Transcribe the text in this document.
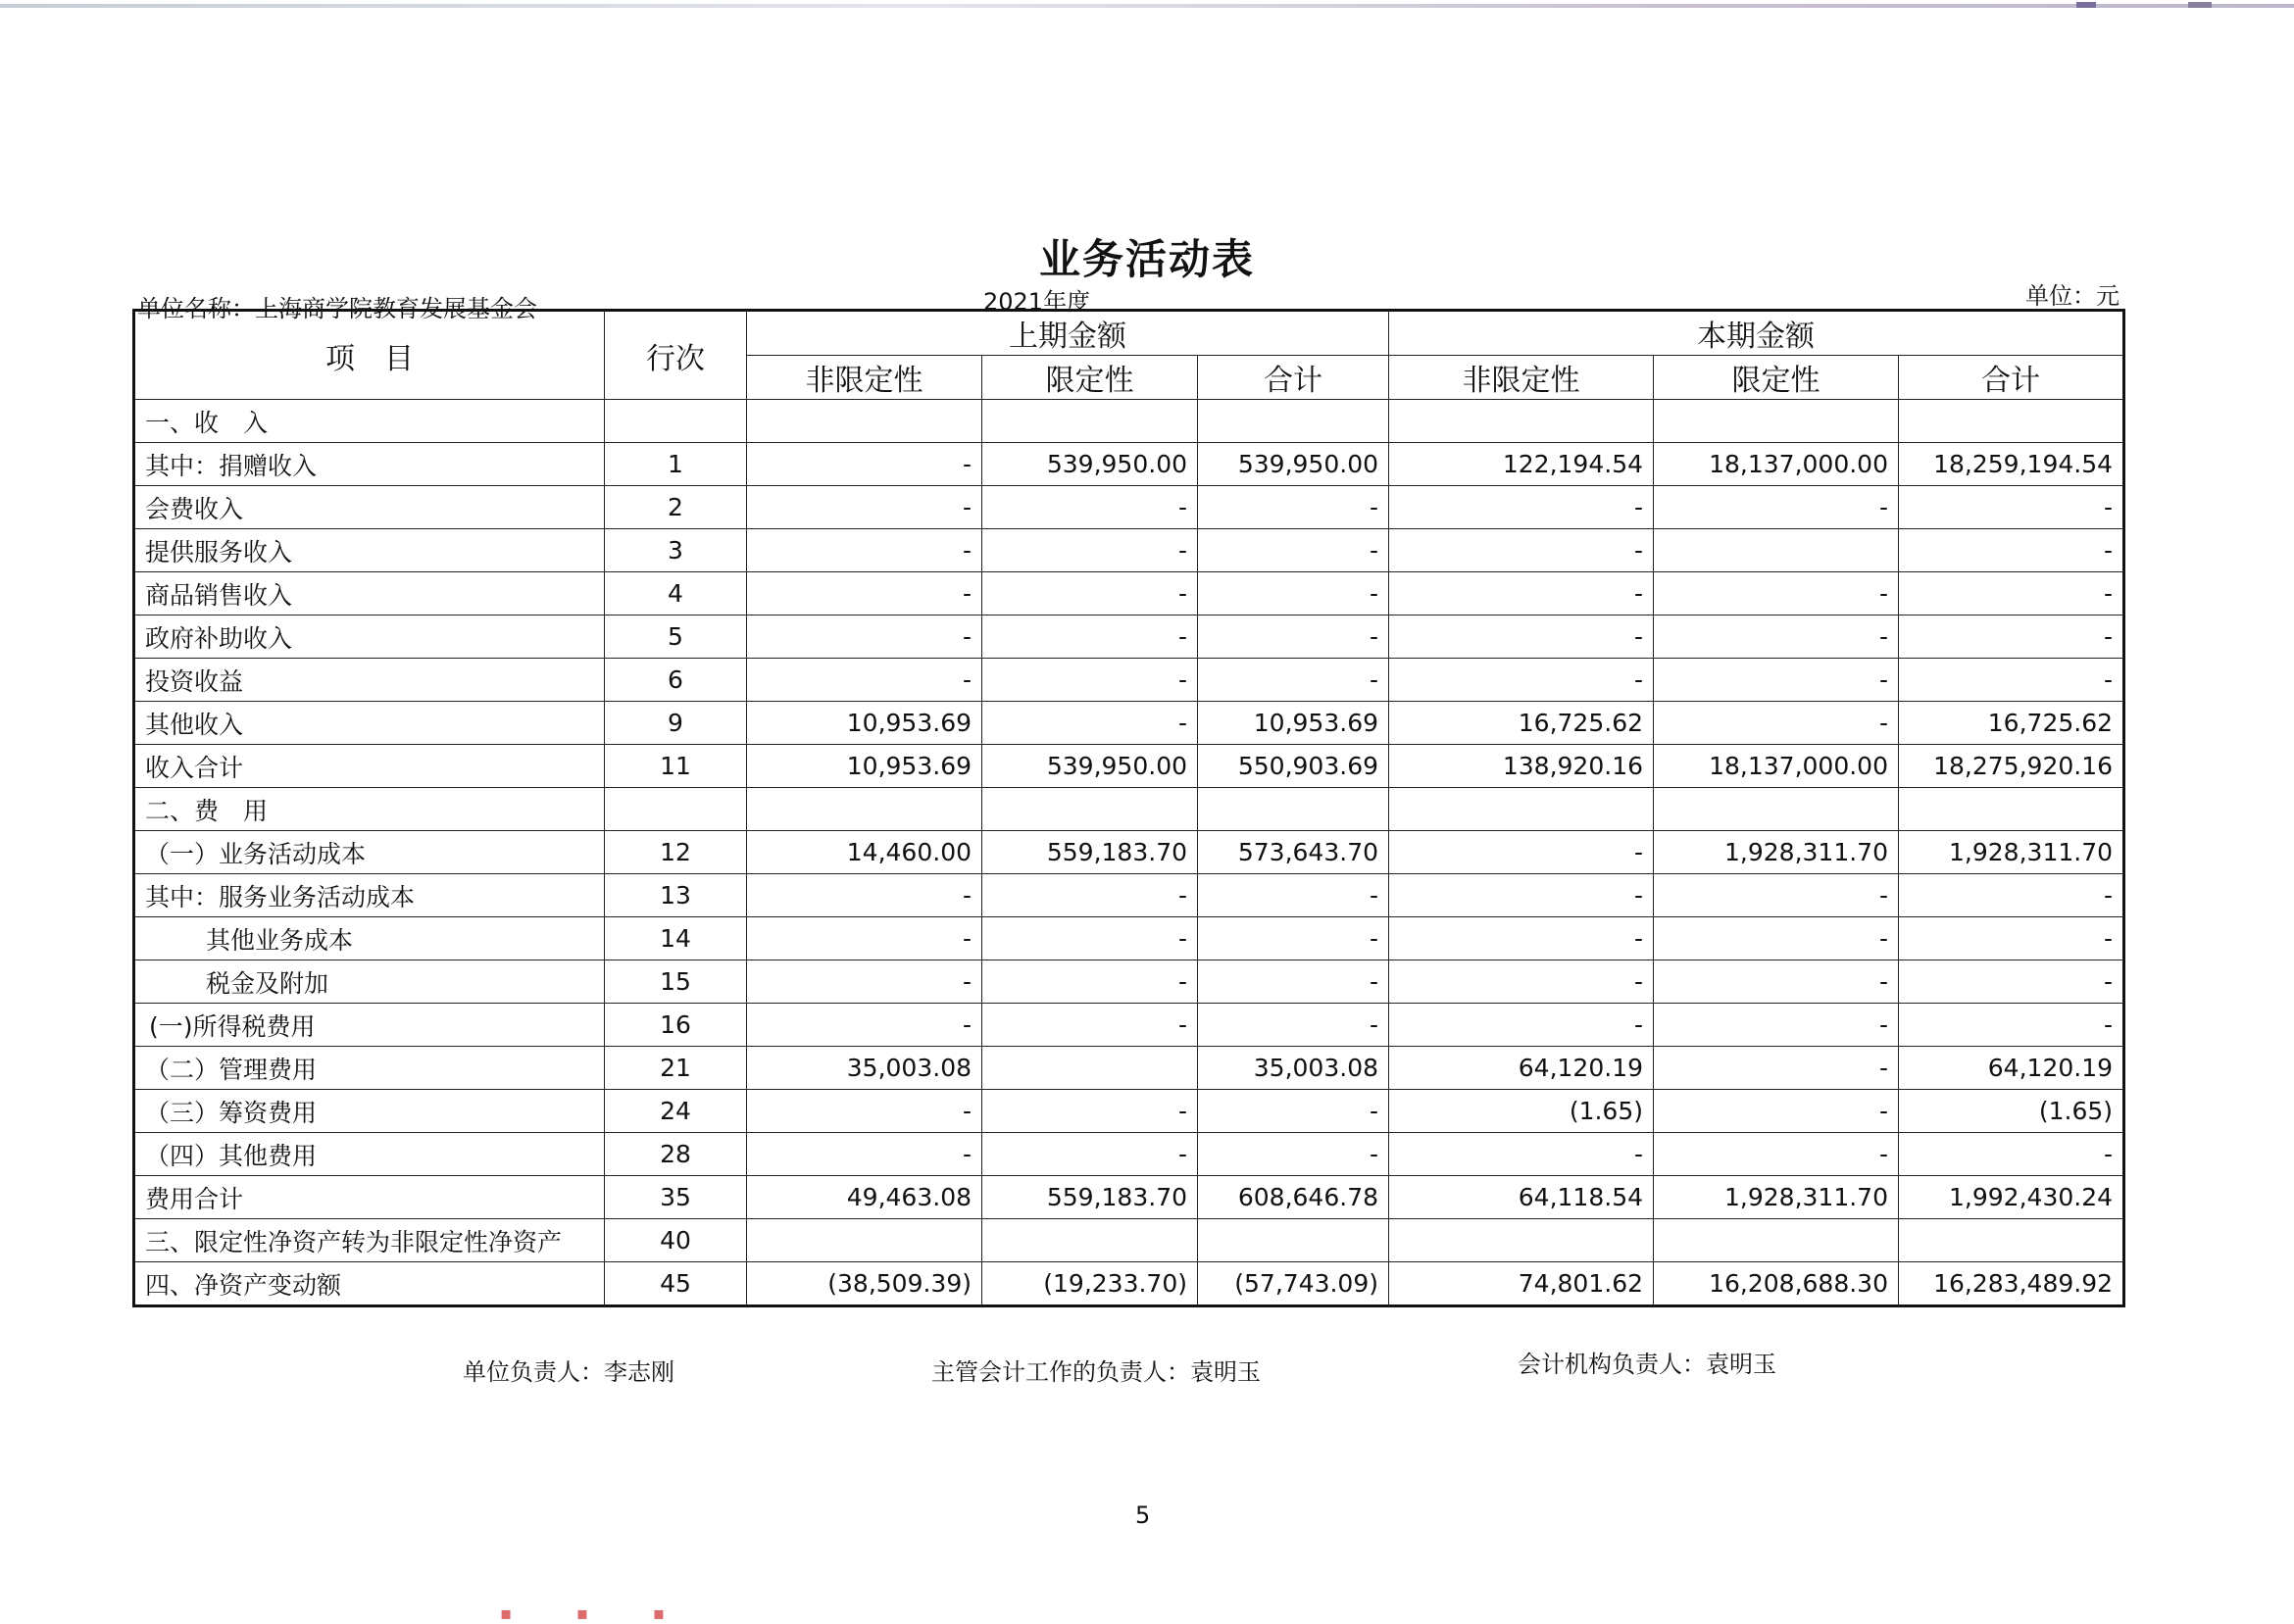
业务活动表
单位名称：上海商学院教育发展基金会	2021年度	单位：元
项　目	行次	上期金额			本期金额		
		非限定性	限定性	合计	非限定性	限定性	合计
一、收　入							
其中：捐赠收入	1	-	539,950.00	539,950.00	122,194.54	18,137,000.00	18,259,194.54
会费收入	2	-	-	-	-	-	-
提供服务收入	3	-	-	-	-		-
商品销售收入	4	-	-	-	-	-	-
政府补助收入	5	-	-	-	-	-	-
投资收益	6	-	-	-	-	-	-
其他收入	9	10,953.69	-	10,953.69	16,725.62	-	16,725.62
收入合计	11	10,953.69	539,950.00	550,903.69	138,920.16	18,137,000.00	18,275,920.16
二、费　用							
（一）业务活动成本	12	14,460.00	559,183.70	573,643.70	-	1,928,311.70	1,928,311.70
其中：服务业务活动成本	13	-	-	-	-	-	-
其他业务成本	14	-	-	-	-	-	-
税金及附加	15	-	-	-	-	-	-
(一)所得税费用	16	-	-	-	-	-	-
（二）管理费用	21	35,003.08		35,003.08	64,120.19	-	64,120.19
（三）筹资费用	24	-	-	-	(1.65)	-	(1.65)
（四）其他费用	28	-	-	-	-	-	-
费用合计	35	49,463.08	559,183.70	608,646.78	64,118.54	1,928,311.70	1,992,430.24
三、限定性净资产转为非限定性净资产	40						
四、净资产变动额	45	(38,509.39)	(19,233.70)	(57,743.09)	74,801.62	16,208,688.30	16,283,489.92
单位负责人：李志刚	主管会计工作的负责人：袁明玉	会计机构负责人：袁明玉
5
▪ ▪ ▪
